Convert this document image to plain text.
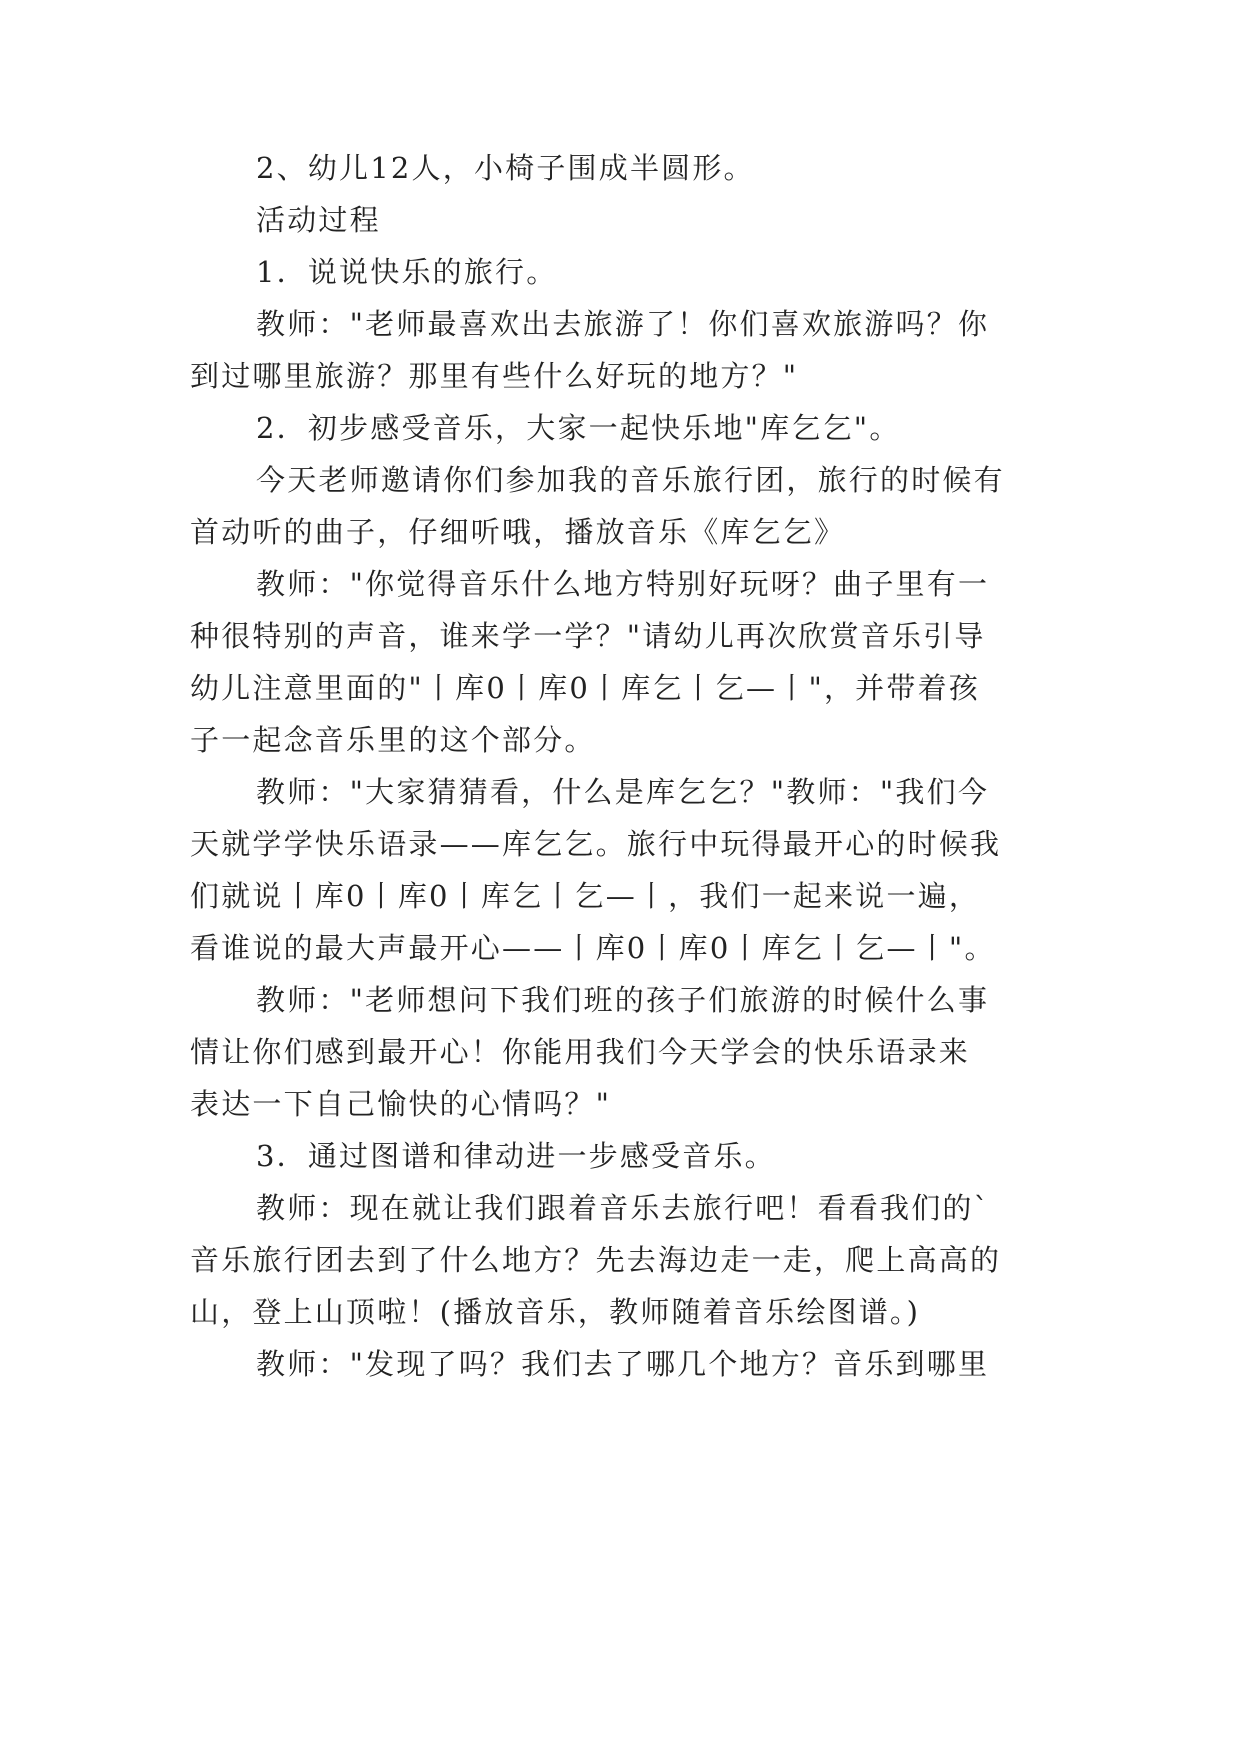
2、幼儿12人，小椅子围成半圆形。
活动过程
1．说说快乐的旅行。
教师："老师最喜欢出去旅游了！你们喜欢旅游吗？你
到过哪里旅游？那里有些什么好玩的地方？"
2．初步感受音乐，大家一起快乐地"库乞乞"。
今天老师邀请你们参加我的音乐旅行团，旅行的时候有
首动听的曲子，仔细听哦，播放音乐《库乞乞》
教师："你觉得音乐什么地方特别好玩呀？曲子里有一
种很特别的声音，谁来学一学？"请幼儿再次欣赏音乐引导
幼儿注意里面的"丨库0丨库0丨库乞丨乞—丨"，并带着孩
子一起念音乐里的这个部分。
教师："大家猜猜看，什么是库乞乞？"教师："我们今
天就学学快乐语录——库乞乞。旅行中玩得最开心的时候我
们就说丨库0丨库0丨库乞丨乞—丨，我们一起来说一遍，
看谁说的最大声最开心——丨库0丨库0丨库乞丨乞—丨"。
教师："老师想问下我们班的孩子们旅游的时候什么事
情让你们感到最开心！你能用我们今天学会的快乐语录来
表达一下自己愉快的心情吗？"
3．通过图谱和律动进一步感受音乐。
教师：现在就让我们跟着音乐去旅行吧！看看我们的`
音乐旅行团去到了什么地方？先去海边走一走，爬上高高的
山，登上山顶啦！(播放音乐，教师随着音乐绘图谱。)
教师："发现了吗？我们去了哪几个地方？音乐到哪里
